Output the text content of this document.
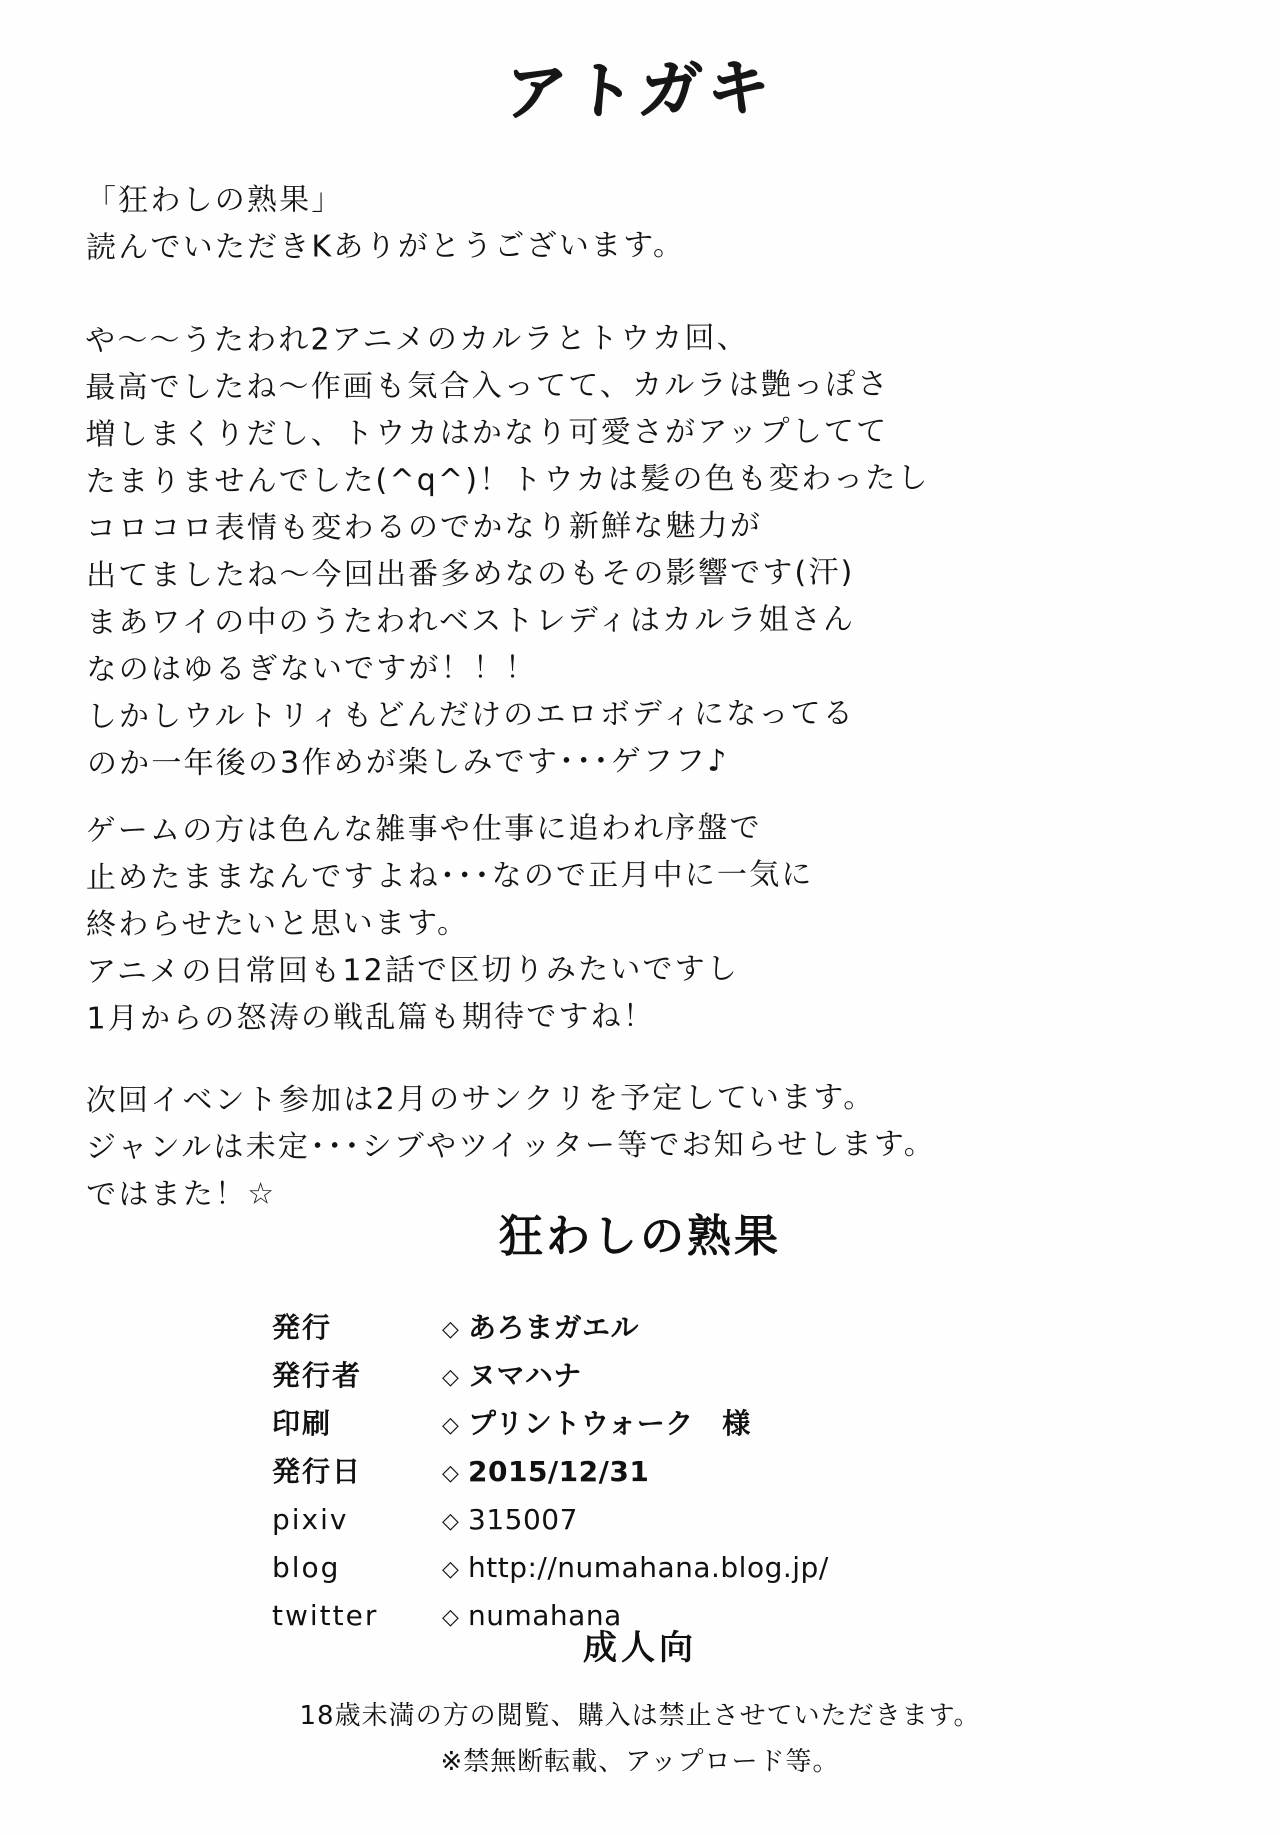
アトガキ
「狂わしの熟果」
読んでいただきKありがとうございます。
や〜〜うたわれ2アニメのカルラとトウカ回、
最高でしたね〜作画も気合入ってて、カルラは艶っぽさ
増しまくりだし、トウカはかなり可愛さがアップしてて
たまりませんでした(^q^)！トウカは髪の色も変わったし
コロコロ表情も変わるのでかなり新鮮な魅力が
出てましたね〜今回出番多めなのもその影響です(汗)
まあワイの中のうたわれベストレディはカルラ姐さん
なのはゆるぎないですが！！！
しかしウルトリィもどんだけのエロボディになってる
のか一年後の3作めが楽しみです･･･ゲフフ♪
ゲームの方は色んな雑事や仕事に追われ序盤で
止めたままなんですよね･･･なので正月中に一気に
終わらせたいと思います。
アニメの日常回も12話で区切りみたいですし
1月からの怒涛の戦乱篇も期待ですね！
次回イベント参加は2月のサンクリを予定しています。
ジャンルは未定･･･シブやツイッター等でお知らせします。
ではまた！☆
狂わしの熟果
発行	◇ あろまガエル
発行者	◇ ヌマハナ
印刷	◇ プリントウォーク　様
発行日	◇ 2015/12/31
pixiv	◇ 315007
blog	◇ http://numahana.blog.jp/
twitter	◇ numahana
成人向
18歳未満の方の閲覧、購入は禁止させていただきます。
※禁無断転載、アップロード等。
